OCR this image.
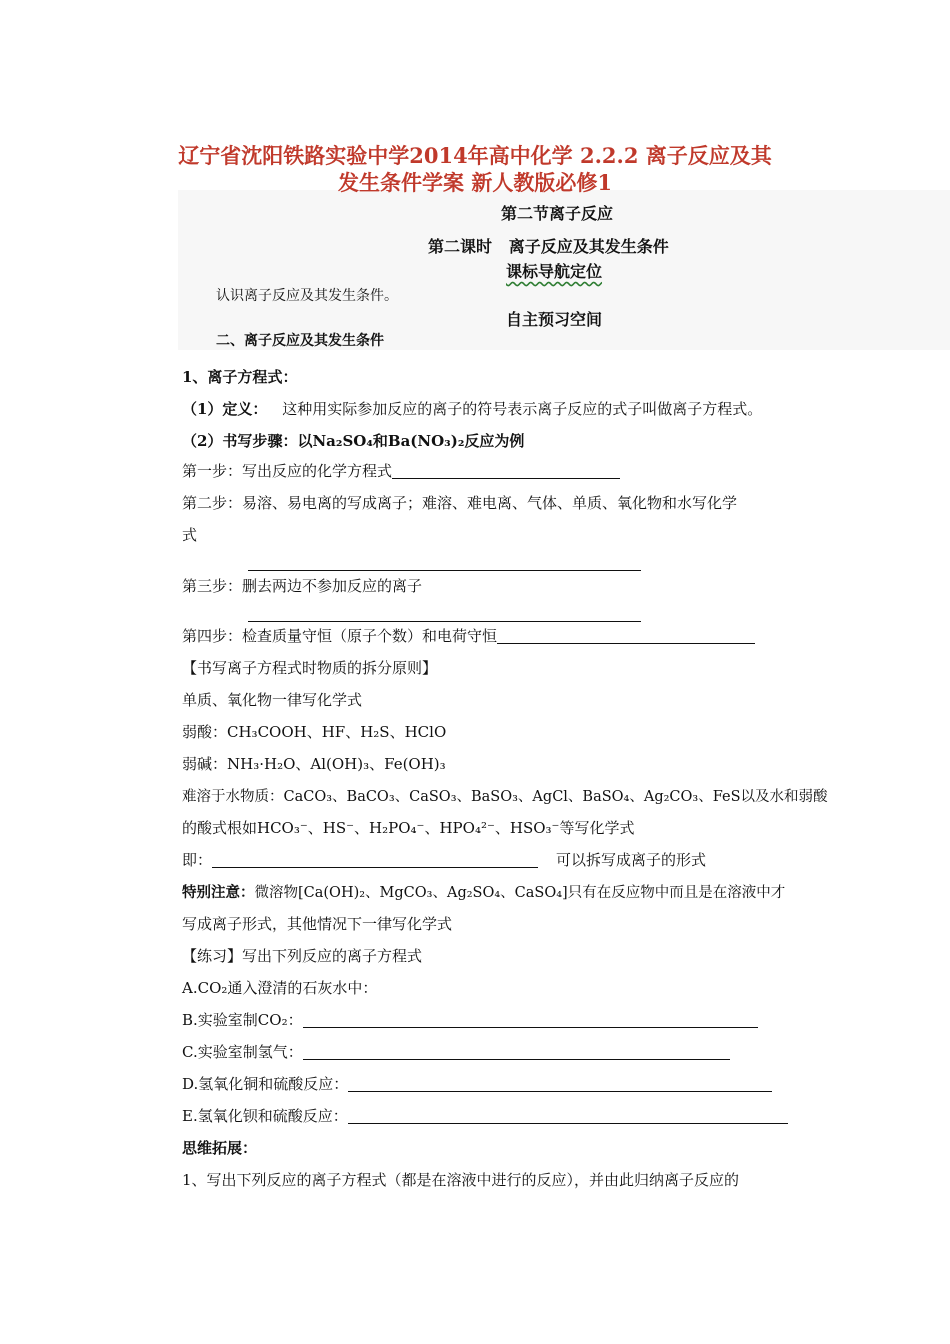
辽宁省沈阳铁路实验中学2014年高中化学 2.2.2 离子反应及其
发生条件学案 新人教版必修1
第二节离子反应
第二课时 离子反应及其发生条件
课标导航定位
认识离子反应及其发生条件。
自主预习空间
二、离子反应及其发生条件
1、离子方程式：
（1）定义： 这种用实际参加反应的离子的符号表示离子反应的式子叫做离子方程式。
（2）书写步骤：以Na₂SO₄和Ba(NO₃)₂反应为例
第一步：写出反应的化学方程式
第二步：易溶、易电离的写成离子；难溶、难电离、气体、单质、氧化物和水写化学
式
第三步：删去两边不参加反应的离子
第四步：检查质量守恒（原子个数）和电荷守恒
【书写离子方程式时物质的拆分原则】
单质、氧化物一律写化学式
弱酸：CH₃COOH、HF、H₂S、HClO
弱碱：NH₃·H₂O、Al(OH)₃、Fe(OH)₃
难溶于水物质：CaCO₃、BaCO₃、CaSO₃、BaSO₃、AgCl、BaSO₄、Ag₂CO₃、FeS以及水和弱酸
的酸式根如HCO₃⁻、HS⁻、H₂PO₄⁻、HPO₄²⁻、HSO₃⁻等写化学式
即：	可以拆写成离子的形式
特别注意：微溶物[Ca(OH)₂、MgCO₃、Ag₂SO₄、CaSO₄]只有在反应物中而且是在溶液中才
写成离子形式，其他情况下一律写化学式
【练习】写出下列反应的离子方程式
A.CO₂通入澄清的石灰水中：
B.实验室制CO₂：
C.实验室制氢气：
D.氢氧化铜和硫酸反应：
E.氢氧化钡和硫酸反应：
思维拓展：
1、写出下列反应的离子方程式（都是在溶液中进行的反应），并由此归纳离子反应的
